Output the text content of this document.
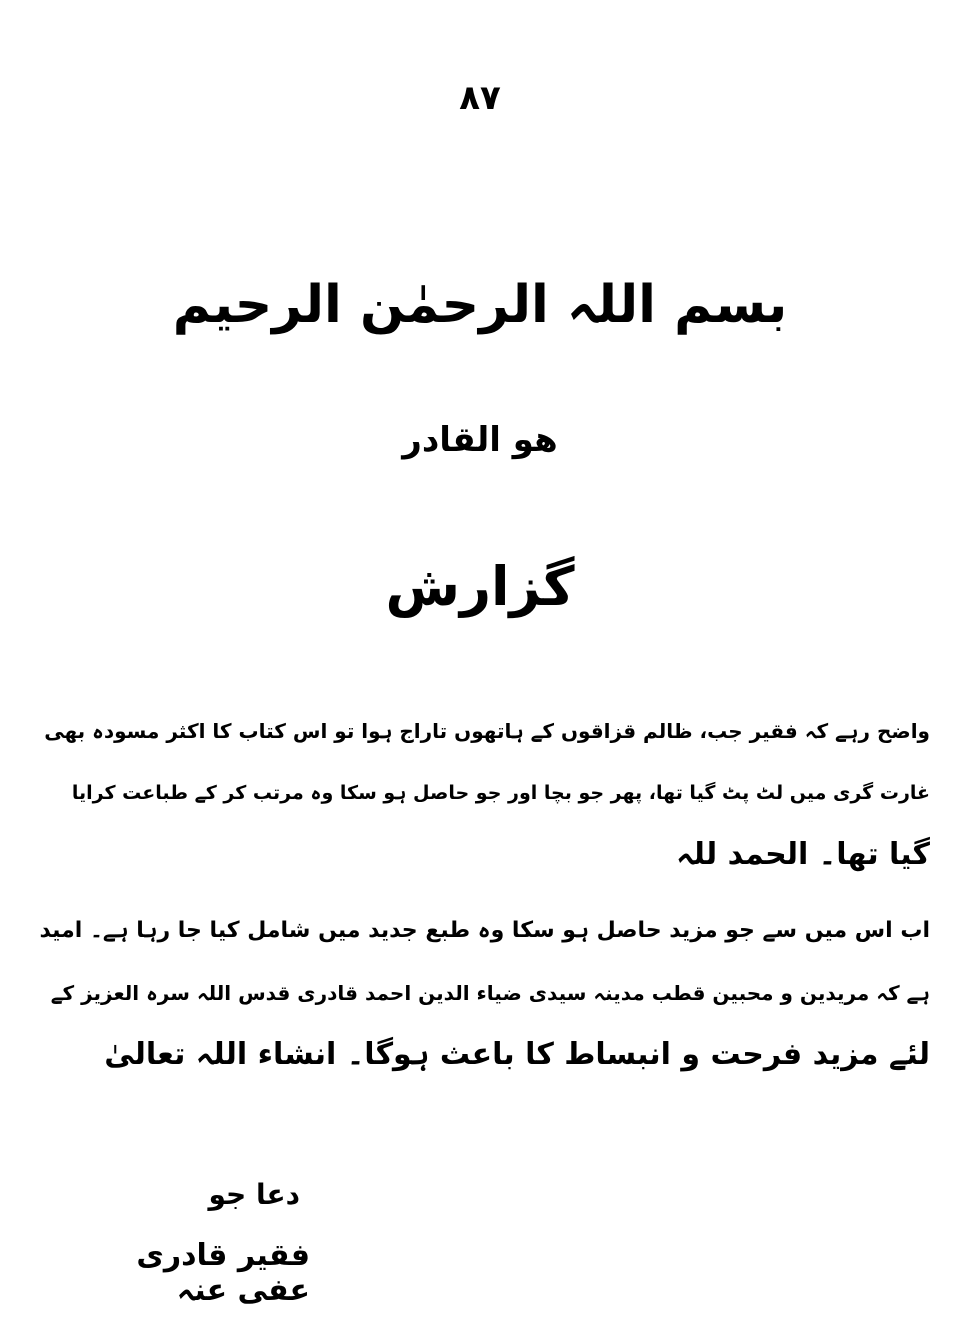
٨٧
بسم اللہ الرحمٰن الرحیم
ھو القادر
گزارش

واضح رہے کہ فقیر جب، ظالم قزاقوں کے ہاتھوں تاراج ہوا تو اس کتاب کا اکثر مسودہ بھی
غارت گری میں لٹ پٹ گیا تھا، پھر جو بچا اور جو حاصل ہو سکا وہ مرتب کر کے طباعت کرایا
گیا تھا۔ الحمد للہ

اب اس میں سے جو مزید حاصل ہو سکا وہ طبع جدید میں شامل کیا جا رہا ہے۔ امید
ہے کہ مریدین و محبین قطب مدینہ سیدی ضیاء الدین احمد قادری قدس اللہ سرہ العزیز کے
لئے مزید فرحت و انبساط کا باعث ہوگا۔ انشاء اللہ تعالیٰ

دعا جو
فقیر قادری عفی عنہ
